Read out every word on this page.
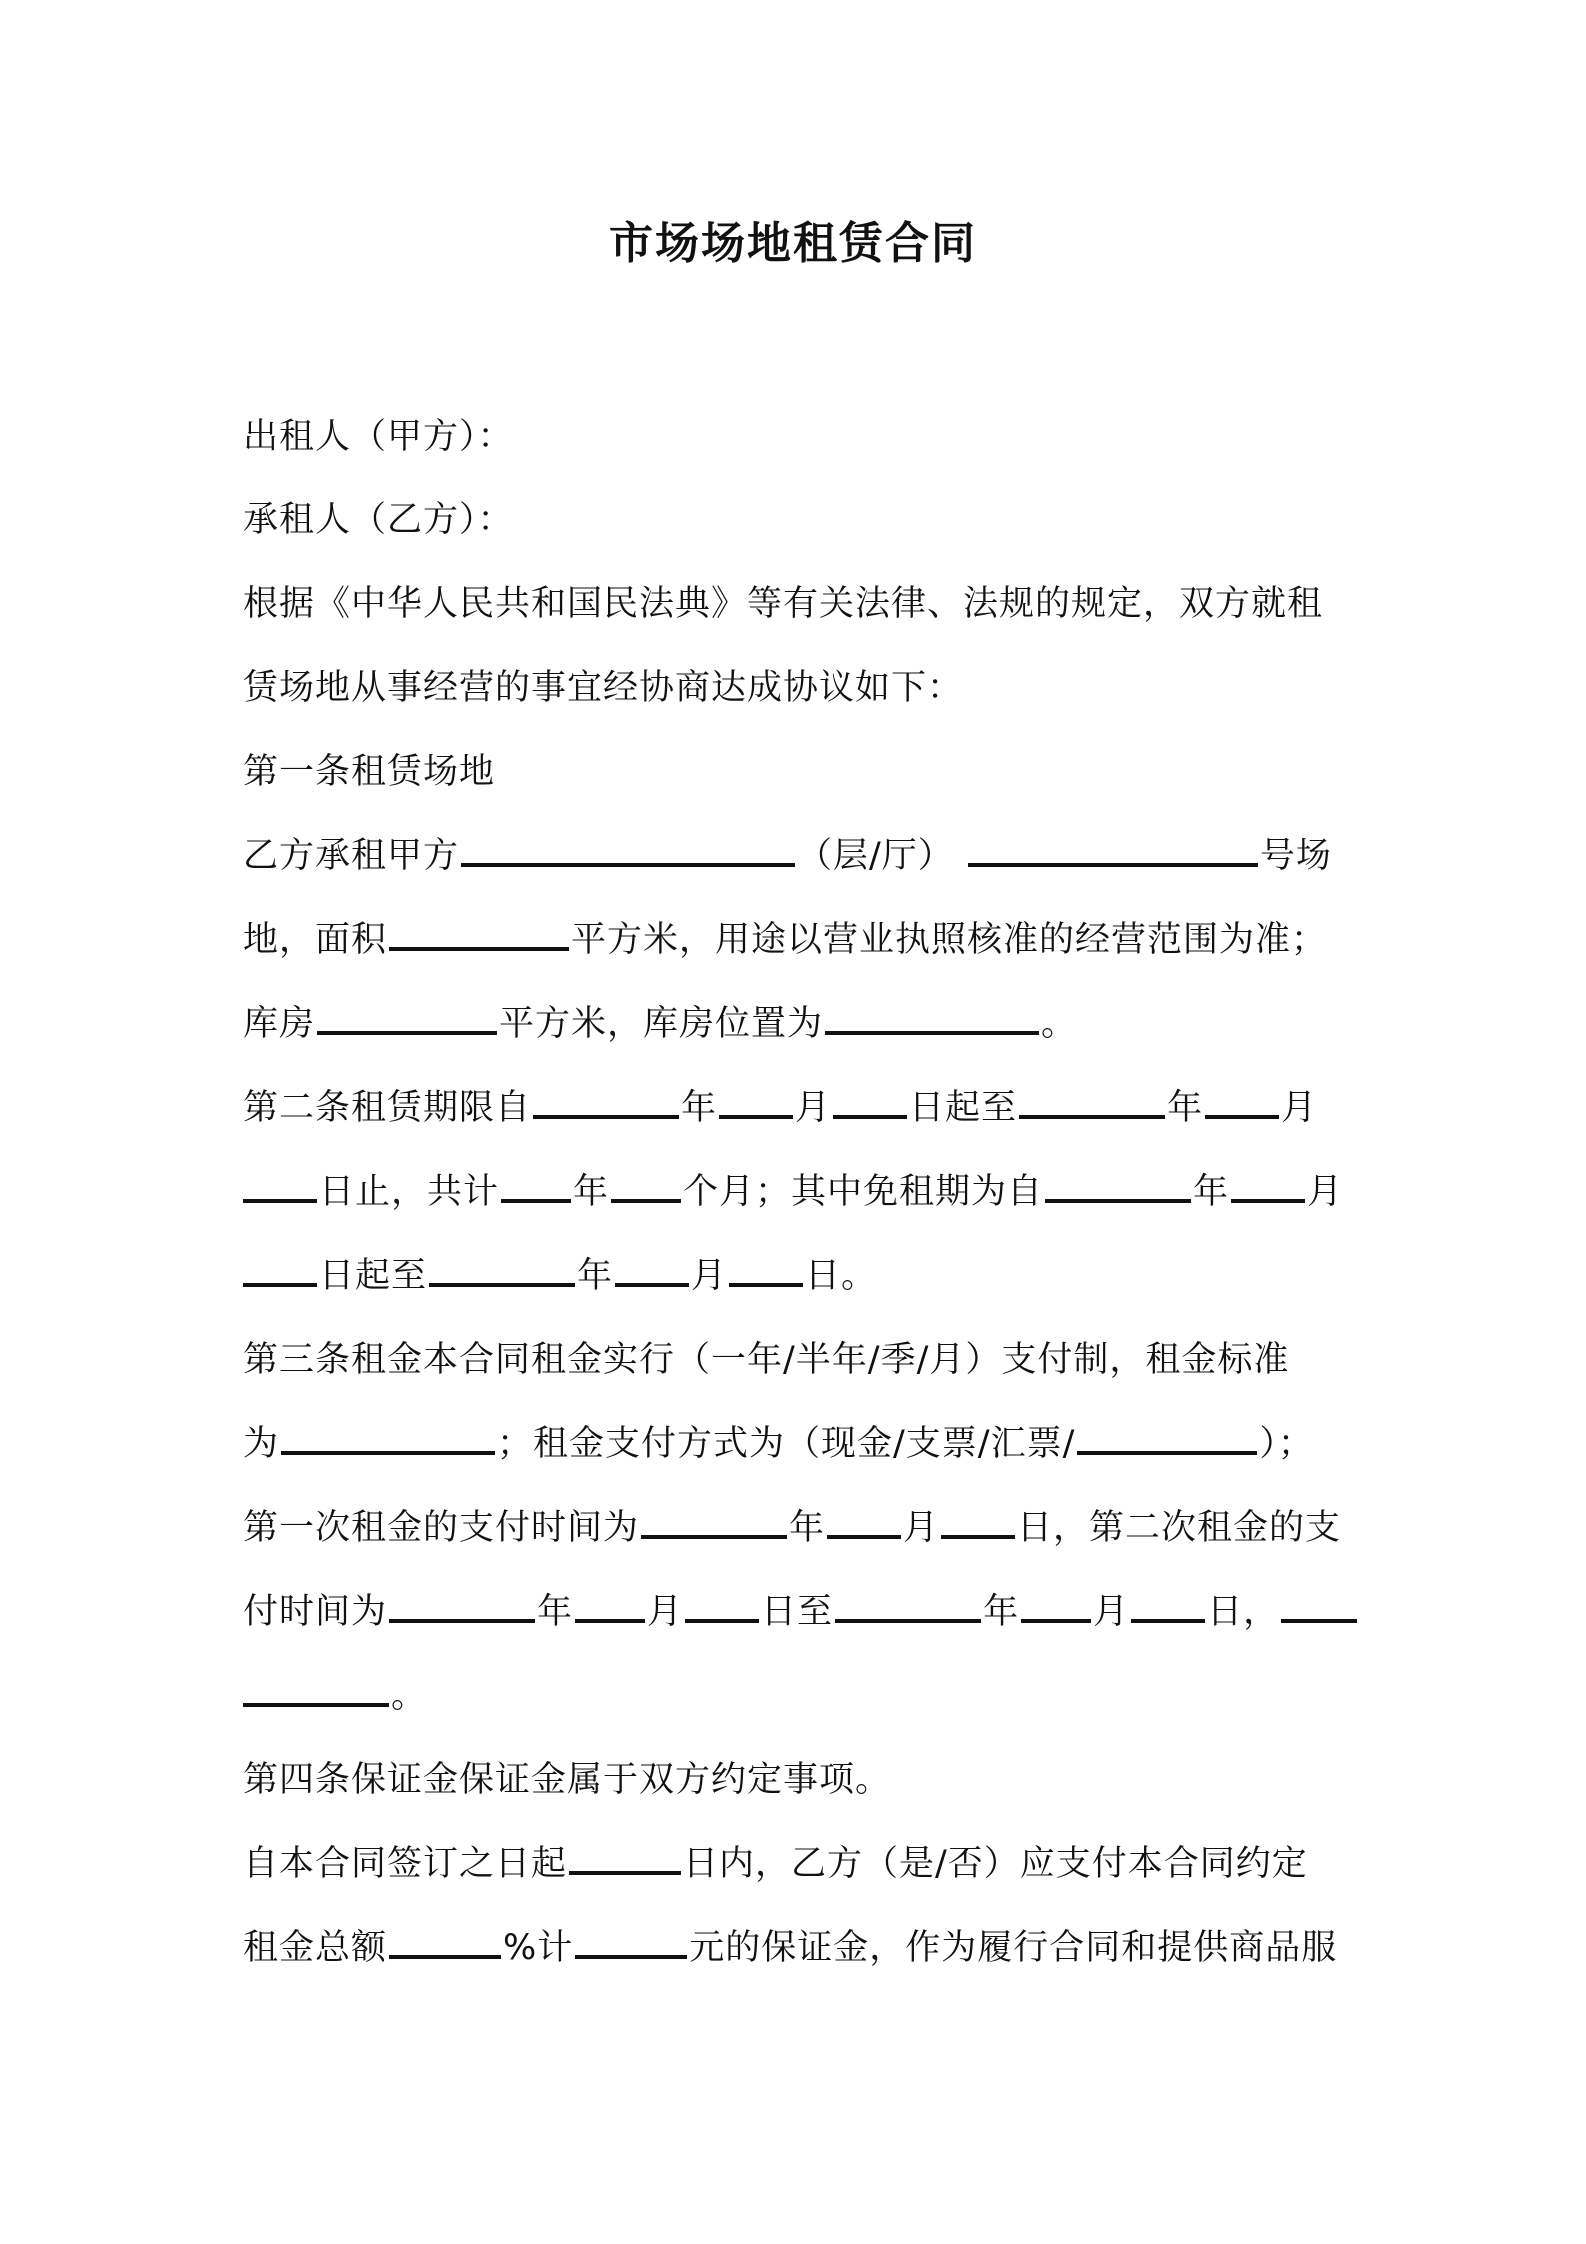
市场场地租赁合同
出租人（甲方）：
承租人（乙方）：
根据《中华人民共和国民法典》等有关法律、法规的规定，双方就租
赁场地从事经营的事宜经协商达成协议如下：
第一条租赁场地
乙方承租甲方	（层/厅）	号场
地，面积	平方米，用途以营业执照核准的经营范围为准；
库房	平方米，库房位置为	。
第二条租赁期限自	年 月 日起至	年 月
日止，共计 年 个月；其中免租期为自	年 月
日起至	年 月 日。
第三条租金本合同租金实行（一年/半年/季/月）支付制，租金标准
为	；租金支付方式为（现金/支票/汇票/	）；
第一次租金的支付时间为	年 月 日，第二次租金的支
付时间为	年 月 日至	年 月 日，
。
第四条保证金保证金属于双方约定事项。
自本合同签订之日起	日内，乙方（是/否）应支付本合同约定
租金总额	%计	元的保证金，作为履行合同和提供商品服
